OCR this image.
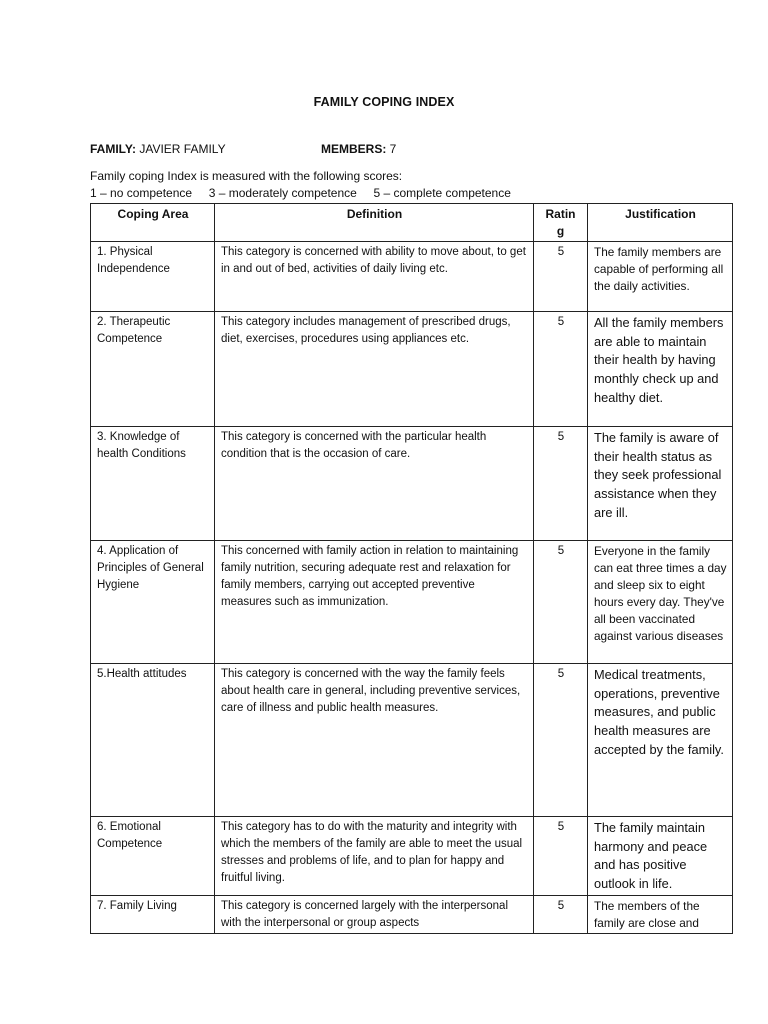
FAMILY COPING INDEX
FAMILY: JAVIER FAMILY	MEMBERS: 7
Family coping Index is measured with the following scores:
1 – no competence     3 – moderately competence     5 – complete competence
Coping Area	Definition	Rating	Justification
1. Physical Independence	This category is concerned with ability to move about, to get in and out of bed, activities of daily living etc.	5	The family members are capable of performing all the daily activities.
2. Therapeutic Competence	This category includes management of prescribed drugs, diet, exercises, procedures using appliances etc.	5	All the family members are able to maintain their health by having monthly check up and healthy diet.
3. Knowledge of health Conditions	This category is concerned with the particular health condition that is the occasion of care.	5	The family is aware of their health status as they seek professional assistance when they are ill.
4. Application of Principles of General Hygiene	This concerned with family action in relation to maintaining family nutrition, securing adequate rest and relaxation for family members, carrying out accepted preventive measures such as immunization.	5	Everyone in the family can eat three times a day and sleep six to eight hours every day. They've all been vaccinated against various diseases
5.Health attitudes	This category is concerned with the way the family feels about health care in general, including preventive services, care of illness and public health measures.	5	Medical treatments, operations, preventive measures, and public health measures are accepted by the family.
6. Emotional Competence	This category has to do with the maturity and integrity with which the members of the family are able to meet the usual stresses and problems of life, and to plan for happy and fruitful living.	5	The family maintain harmony and peace and has positive outlook in life.
7. Family Living	This category is concerned largely with the interpersonal with the interpersonal or group aspects	5	The members of the family are close and
